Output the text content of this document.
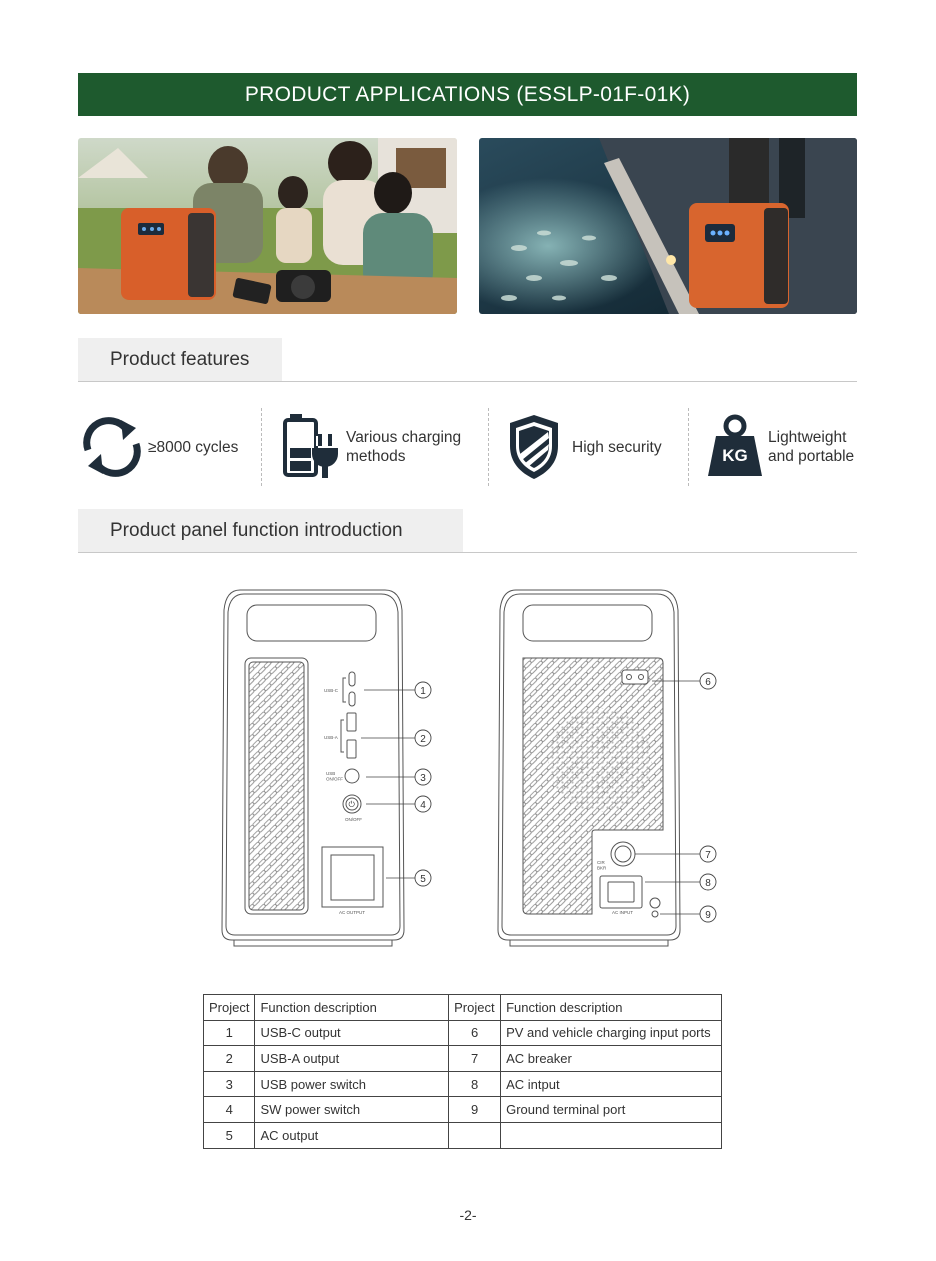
PRODUCT APPLICATIONS (ESSLP-01F-01K)
Product features
≥8000 cycles
Various charging
methods
High security	KG
Lightweight
and portable
Product panel function introduction
USB-C
USB-A
USB ON/OFF
ON/OFF
AC OUTPUT
⏻
CIR BKR
AC INPUT
1
2
3
4
5
6
7
8
9
Project	Function description	Project	Function description
1	USB-C output	6	PV and vehicle charging input ports
2	USB-A output	7	AC breaker
3	USB power switch	8	AC intput
4	SW power switch	9	Ground terminal port
5	AC output		
-2-
